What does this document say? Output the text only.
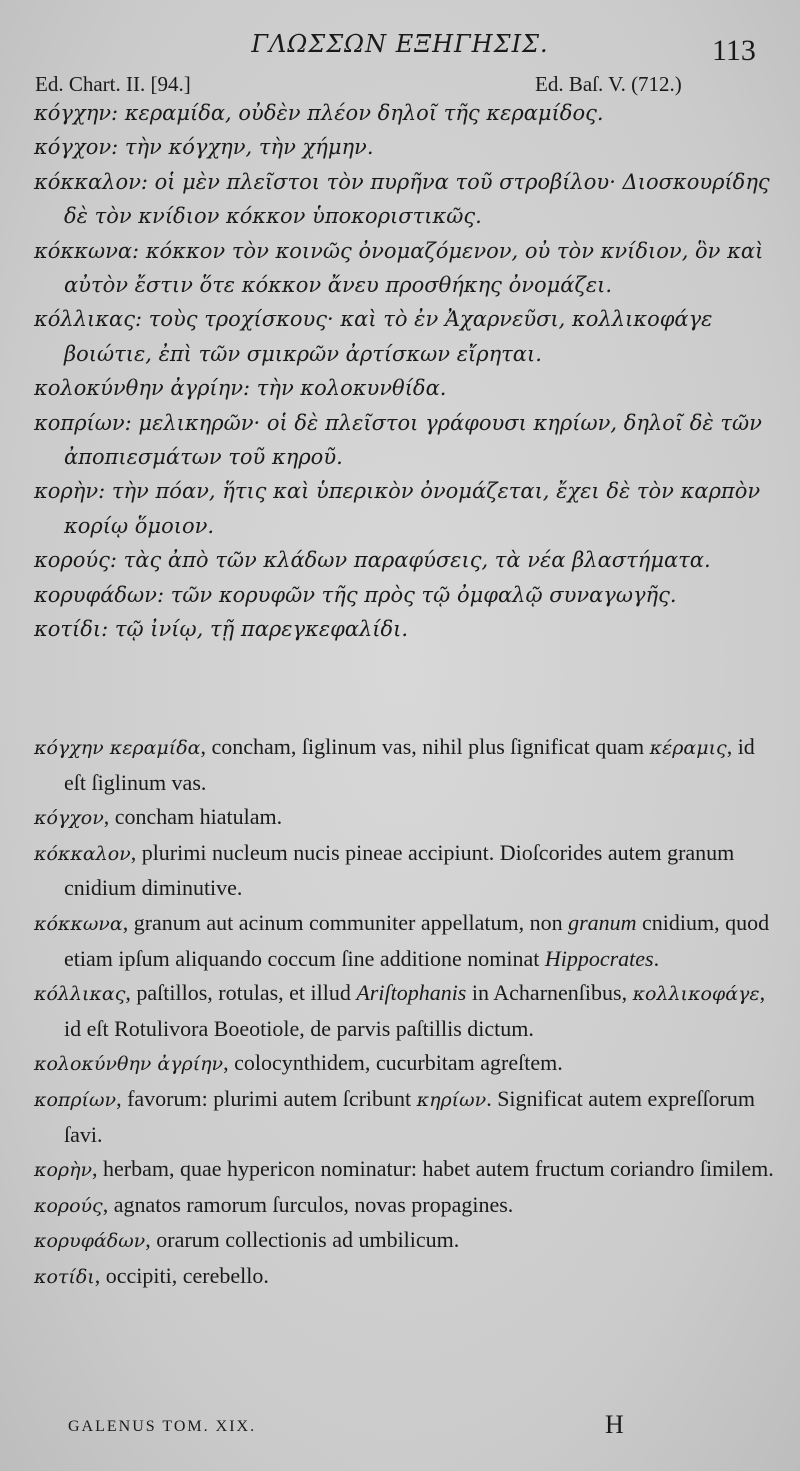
ΓΛΩΣΣΩΝ ΕΞΗΓΗΣΙΣ.	113
Ed. Chart. II. [94.]	Ed. Baſ. V. (712.)

κόγχην: κεραμίδα, οὐδὲν πλέον δηλοῖ τῆς κεραμίδος.

κόγχον: τὴν κόγχην, τὴν χήμην.

κόκκαλον: οἱ μὲν πλεῖστοι τὸν πυρῆνα τοῦ στροβίλου· Διοσκουρίδης δὲ τὸν κνίδιον κόκκον ὑποκοριστικῶς.

κόκκωνα: κόκκον τὸν κοινῶς ὀνομαζόμενον, οὐ τὸν κνίδιον, ὃν καὶ αὐτὸν ἔστιν ὅτε κόκκον ἄνευ προσθήκης ὀνομάζει.

κόλλικας: τοὺς τροχίσκους· καὶ τὸ ἐν Ἀχαρνεῦσι, κολλικοφάγε βοιώτιε, ἐπὶ τῶν σμικρῶν ἀρτίσκων εἴρηται.

κολοκύνθην ἀγρίην: τὴν κολοκυνθίδα.

κοπρίων: μελικηρῶν· οἱ δὲ πλεῖστοι γράφουσι κηρίων, δηλοῖ δὲ τῶν ἀποπιεσμάτων τοῦ κηροῦ.

κορὴν: τὴν πόαν, ἥτις καὶ ὑπερικὸν ὀνομάζεται, ἔχει δὲ τὸν καρπὸν κορίῳ ὅμοιον.

κορούς: τὰς ἀπὸ τῶν κλάδων παραφύσεις, τὰ νέα βλαστήματα.

κορυφάδων: τῶν κορυφῶν τῆς πρὸς τῷ ὀμφαλῷ συναγωγῆς.

κοτίδι: τῷ ἰνίῳ, τῇ παρεγκεφαλίδι.

κόγχην κεραμίδα, concham, ſiglinum vas, nihil plus ſignificat quam κέραμις, id eſt ſiglinum vas.

κόγχον, concham hiatulam.

κόκκαλον, plurimi nucleum nucis pineae accipiunt. Dioſcorides autem granum cnidium diminutive.

κόκκωνα, granum aut acinum communiter appellatum, non granum cnidium, quod etiam ipſum aliquando coccum ſine additione nominat Hippocrates.

κόλλικας, paſtillos, rotulas, et illud Ariſtophanis in Acharnenſibus, κολλικοφάγε, id eſt Rotulivora Boeotiole, de parvis paſtillis dictum.

κολοκύνθην ἀγρίην, colocynthidem, cucurbitam agreſtem.

κοπρίων, favorum: plurimi autem ſcribunt κηρίων. Significat autem expreſſorum ſavi.

κορὴν, herbam, quae hypericon nominatur: habet autem fructum coriandro ſimilem.

κορούς, agnatos ramorum ſurculos, novas propagines.

κορυφάδων, orarum collectionis ad umbilicum.

κοτίδι, occipiti, cerebello.

GALENUS TOM. XIX.	H
